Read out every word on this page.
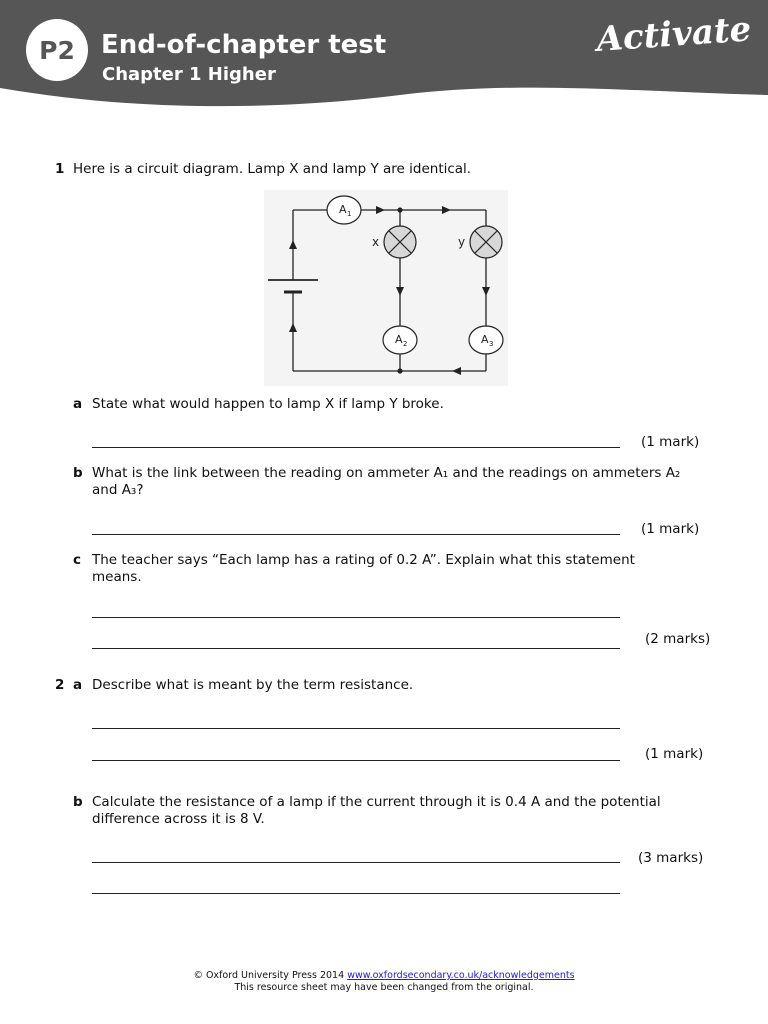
P2	End-of-chapter test
Chapter 1 Higher
Activate
1 Here is a circuit diagram. Lamp X and lamp Y are identical.
A 1
A 2	A 3
x	y
a State what would happen to lamp X if lamp Y broke.
(1 mark)
b What is the link between the reading on ammeter A₁ and the readings on ammeters A₂
and A₃?
(1 mark)
c The teacher says “Each lamp has a rating of 0.2 A”. Explain what this statement
means.
(2 marks)
2 a Describe what is meant by the term resistance.
(1 mark)
b Calculate the resistance of a lamp if the current through it is 0.4 A and the potential
difference across it is 8 V.
(3 marks)
© Oxford University Press 2014 www.oxfordsecondary.co.uk/acknowledgements
This resource sheet may have been changed from the original.
